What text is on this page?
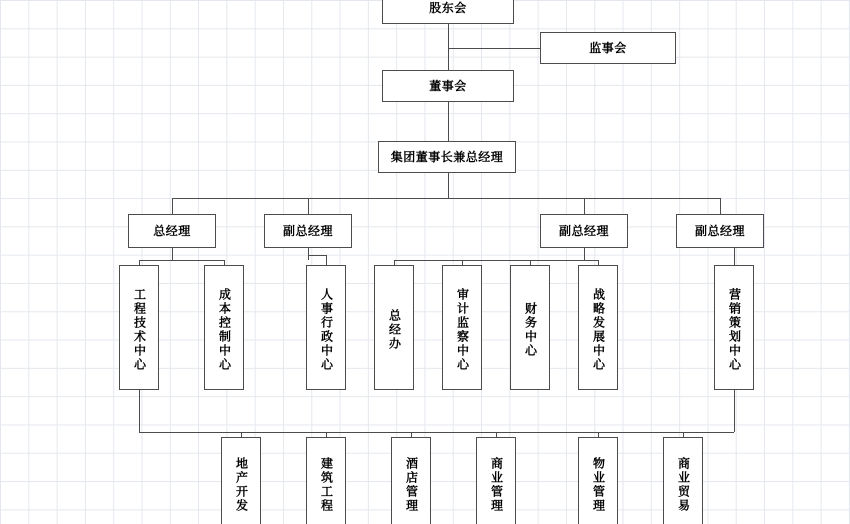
股东会
监事会
董事会
集团董事长兼总经理
总经理	副总经理	副总经理	副总经理
工程技术中心	成本控制中心	人事行政中心	总经办	审计监察中心	财务中心	战略发展中心	营销策划中心
地产开发	建筑工程	酒店管理	商业管理	物业管理	商业贸易
